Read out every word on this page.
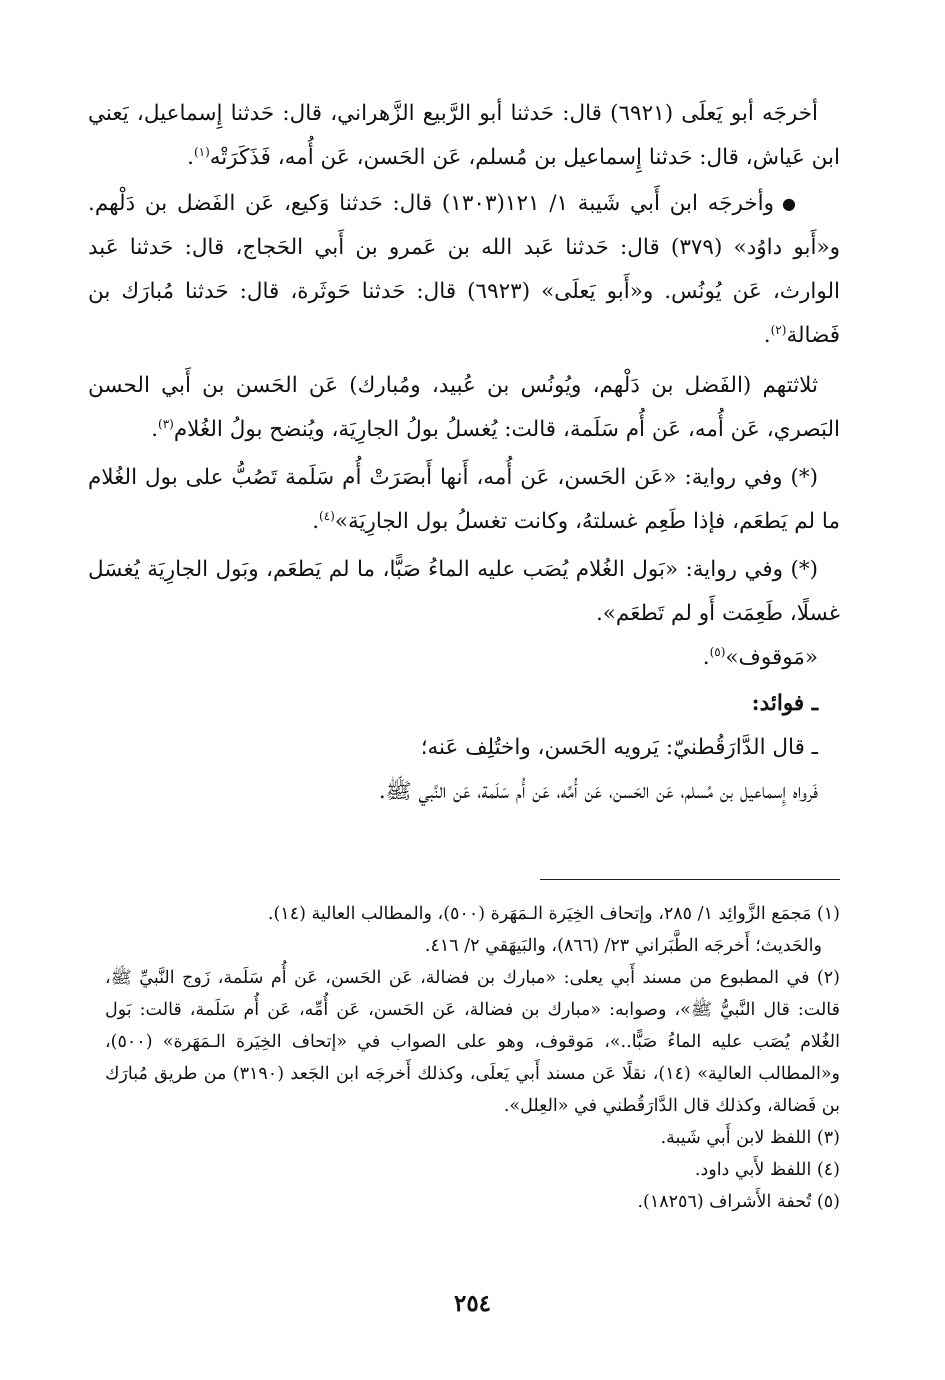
أخرجَه أبو يَعلَى (٦٩٢١) قال: حَدثنا أبو الرَّبيع الزَّهراني، قال: حَدثنا إِسماعيل، يَعني ابن عَياش، قال: حَدثنا إِسماعيل بن مُسلم، عَن الحَسن، عَن أُمه، فَذَكَرَتْه$^{(١)}$.

●وأخرجَه ابن أَبي شَيبة ١/ ١٢١(١٣٠٣) قال: حَدثنا وَكيع، عَن الفَضل بن دَلْهم. و«أَبو داوُد» (٣٧٩) قال: حَدثنا عَبد الله بن عَمرو بن أَبي الحَجاج، قال: حَدثنا عَبد الوارث، عَن يُونُس. و«أَبو يَعلَى» (٦٩٢٣) قال: حَدثنا حَوثَرة، قال: حَدثنا مُبارَك بن فَضالة$^{(٢)}$.

ثلاثتهم (الفَضل بن دَلْهم، ويُونُس بن عُبيد، ومُبارك) عَن الحَسن بن أَبي الحسن البَصري، عَن أُمه، عَن أُم سَلَمة، قالت: يُغسلُ بولُ الجارِيَة، ويُنضح بولُ الغُلام$^{(٣)}$.

(*) وفي رواية: «عَن الحَسن، عَن أُمه، أَنها أَبصَرَتْ أُم سَلَمة تَصُبُّ على بول الغُلام ما لم يَطعَم، فإذا طَعِم غسلتهُ، وكانت تغسلُ بول الجارِيَة»$^{(٤)}$.

(*) وفي رواية: «بَول الغُلام يُصَب عليه الماءُ صَبًّا، ما لم يَطعَم، وبَول الجارِيَة يُغسَل غسلًا، طَعِمَت أَو لم تَطعَم».

«مَوقوف»$^{(٥)}$.

ـ فوائد:

ـ قال الدَّارَقُطنيّ: يَرويه الحَسن، واختُلِف عَنه؛

فَرواه إِسماعيل بن مُسلم، عَن الحَسن، عَن أُمِّه، عَن أُم سَلَمة، عَن النَّبي ﷺ.

(١) مَجمَع الزَّوائِد ١/ ٢٨٥، وإتحاف الخِيَرة الـمَهَرة (٥٠٠)، والمطالب العالية (١٤).

والحَديث؛ أَخرجَه الطَّبَراني ٢٣/ (٨٦٦)، والبَيهَقي ٢/ ٤١٦.

(٢) في المطبوع من مسند أَبي يعلى: «مبارك بن فضالة، عَن الحَسن، عَن أُم سَلَمة، زَوج النَّبيِّ ﷺ، قالت: قال النَّبيُّ ﷺ»، وصوابه: «مبارك بن فضالة، عَن الحَسن، عَن أُمِّه، عَن أُم سَلَمة، قالت: بَول الغُلام يُصَب عليه الماءُ صَبًّا..»، مَوقوف، وهو على الصواب في «إتحاف الخِيَرة الـمَهَرة» (٥٠٠)، و«المطالب العالية» (١٤)، نقلًا عَن مسند أَبي يَعلَى، وكذلك أَخرجَه ابن الجَعد (٣١٩٠) من طريق مُبارَك بن فَضالة، وكذلك قال الدَّارَقُطني في «العِلل».

(٣) اللفظ لابن أَبي شَيبة.

(٤) اللفظ لأَبي داود.

(٥) تُحفة الأَشراف (١٨٢٥٦).

٢٥٤
